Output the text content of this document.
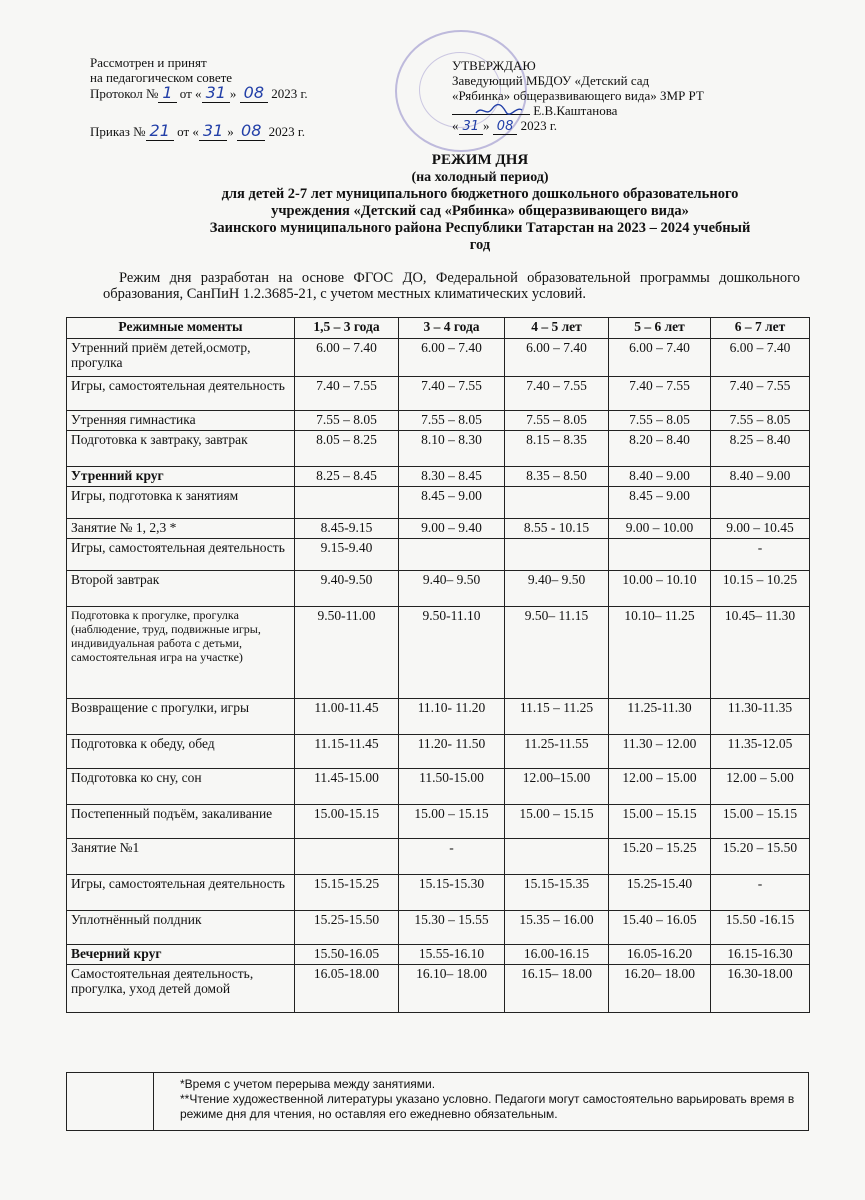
Рассмотрен и принят
на педагогическом совете
Протокол № 1 от « 31 » 08 2023 г.
Приказ № 21 от « 31 » 08 2023 г.
УТВЕРЖДАЮ
Заведующий МБДОУ «Детский сад
«Рябинка» общеразвивающего вида» ЗМР РТ
Е.В.Каштанова
« 31 » 08 2023 г.
РЕЖИМ ДНЯ
(на холодный период)
для детей 2-7 лет муниципального бюджетного дошкольного образовательного
учреждения «Детский сад «Рябинка» общеразвивающего вида»
Заинского муниципального района Республики Татарстан на 2023 – 2024 учебный
год
Режим дня разработан на основе ФГОС ДО, Федеральной образовательной программы дошкольного образования, СанПиН 1.2.3685-21, с учетом местных климатических условий.
Режимные моменты	1,5 – 3 года	3 – 4 года	4 – 5 лет	5 – 6 лет	6 – 7 лет
Утренний приём детей,осмотр, прогулка	6.00 – 7.40	6.00 – 7.40	6.00 – 7.40	6.00 – 7.40	6.00 – 7.40
Игры, самостоятельная деятельность	7.40 – 7.55	7.40 – 7.55	7.40 – 7.55	7.40 – 7.55	7.40 – 7.55
Утренняя гимнастика	7.55 – 8.05	7.55 – 8.05	7.55 – 8.05	7.55 – 8.05	7.55 – 8.05
Подготовка к завтраку, завтрак	8.05 – 8.25	8.10 – 8.30	8.15 – 8.35	8.20 – 8.40	8.25 – 8.40
Утренний круг	8.25 – 8.45	8.30 – 8.45	8.35 – 8.50	8.40 – 9.00	8.40 – 9.00
Игры, подготовка к занятиям		8.45 – 9.00		8.45 – 9.00	
Занятие № 1, 2,3 *	8.45-9.15	9.00 – 9.40	8.55 - 10.15	9.00 – 10.00	9.00 – 10.45
Игры, самостоятельная деятельность	9.15-9.40				-
Второй завтрак	9.40-9.50	9.40– 9.50	9.40– 9.50	10.00 – 10.10	10.15 – 10.25
Подготовка к прогулке, прогулка (наблюдение, труд, подвижные игры, индивидуальная работа с детьми, самостоятельная игра на участке)	9.50-11.00	9.50-11.10	9.50– 11.15	10.10– 11.25	10.45– 11.30
Возвращение с прогулки, игры	11.00-11.45	11.10- 11.20	11.15 – 11.25	11.25-11.30	11.30-11.35
Подготовка к обеду, обед	11.15-11.45	11.20- 11.50	11.25-11.55	11.30 – 12.00	11.35-12.05
Подготовка ко сну, сон	11.45-15.00	11.50-15.00	12.00–15.00	12.00 – 15.00	12.00 – 5.00
Постепенный подъём, закаливание	15.00-15.15	15.00 – 15.15	15.00 – 15.15	15.00 – 15.15	15.00 – 15.15
Занятие №1		-		15.20 – 15.25	15.20 – 15.50
Игры, самостоятельная деятельность	15.15-15.25	15.15-15.30	15.15-15.35	15.25-15.40	-
Уплотнённый полдник	15.25-15.50	15.30 – 15.55	15.35 – 16.00	15.40 – 16.05	15.50 -16.15
Вечерний круг	15.50-16.05	15.55-16.10	16.00-16.15	16.05-16.20	16.15-16.30
Самостоятельная деятельность, прогулка, уход детей домой	16.05-18.00	16.10– 18.00	16.15– 18.00	16.20– 18.00	16.30-18.00

*Время с учетом перерыва между занятиями.
**Чтение художественной литературы указано условно. Педагоги могут самостоятельно варьировать время в режиме дня для чтения, но оставляя его ежедневно обязательным.
